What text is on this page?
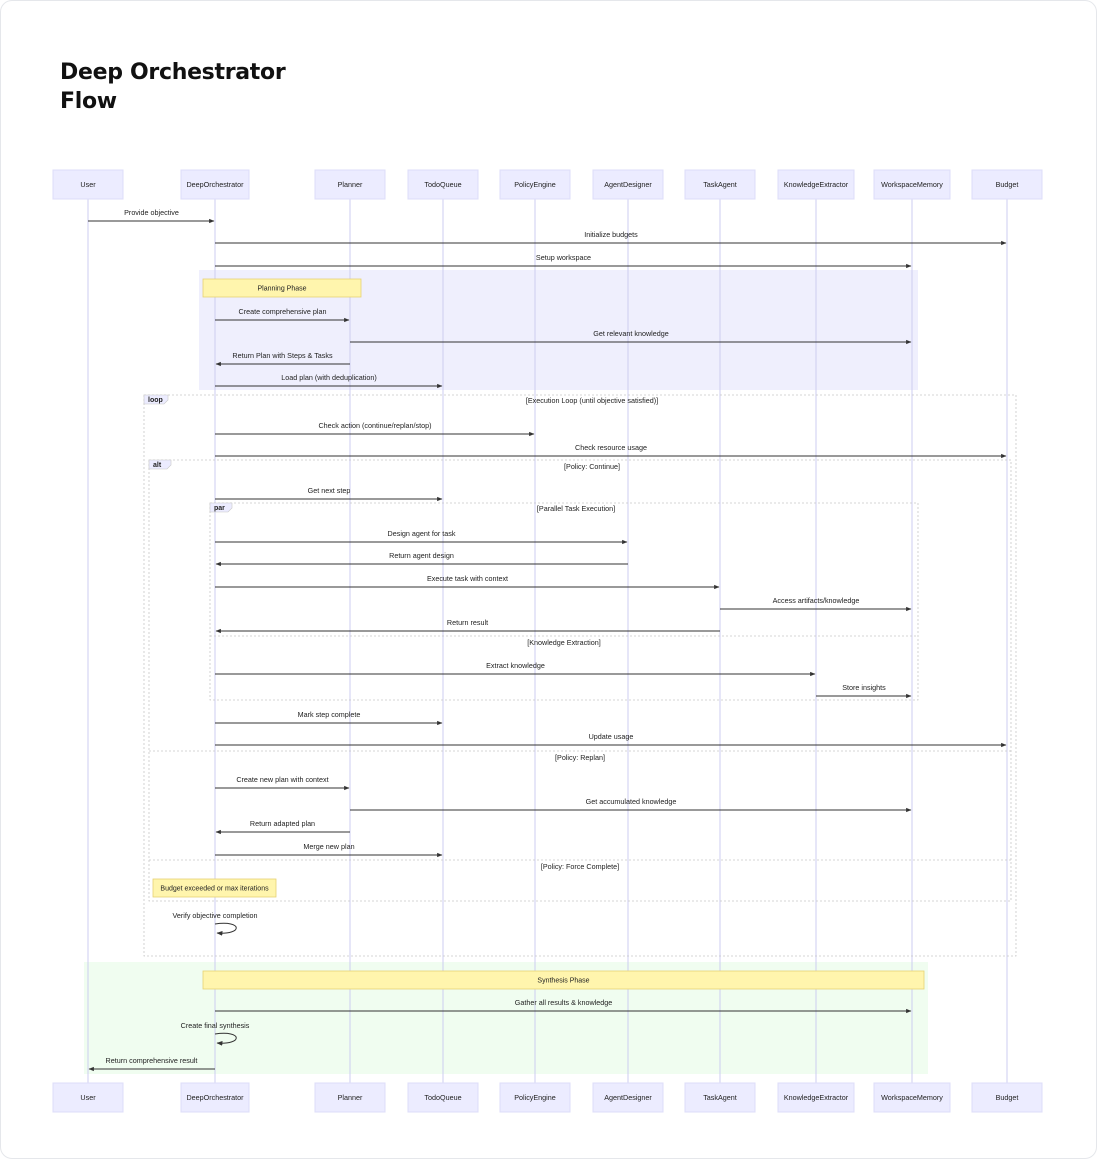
Deep Orchestrator
Flow
loop	[Execution Loop (until objective satisfied)]
alt	[Policy: Continue]
par	[Parallel Task Execution]
[Knowledge Extraction]
[Policy: Replan]
[Policy: Force Complete]
Planning Phase
Budget exceeded or max iterations
Synthesis Phase
User	DeepOrchestrator	Planner	TodoQueue	PolicyEngine	AgentDesigner	TaskAgent	KnowledgeExtractor	WorkspaceMemory	Budget
User	DeepOrchestrator	Planner	TodoQueue	PolicyEngine	AgentDesigner	TaskAgent	KnowledgeExtractor	WorkspaceMemory	Budget
Provide objective
Initialize budgets
Setup workspace
Create comprehensive plan
Get relevant knowledge
Return Plan with Steps & Tasks
Load plan (with deduplication)
Check action (continue/replan/stop)
Check resource usage
Get next step
Design agent for task
Return agent design
Execute task with context
Access artifacts/knowledge
Return result
Extract knowledge
Store insights
Mark step complete
Update usage
Create new plan with context
Get accumulated knowledge
Return adapted plan
Merge new plan
Verify objective completion
Gather all results & knowledge
Create final synthesis
Return comprehensive result
